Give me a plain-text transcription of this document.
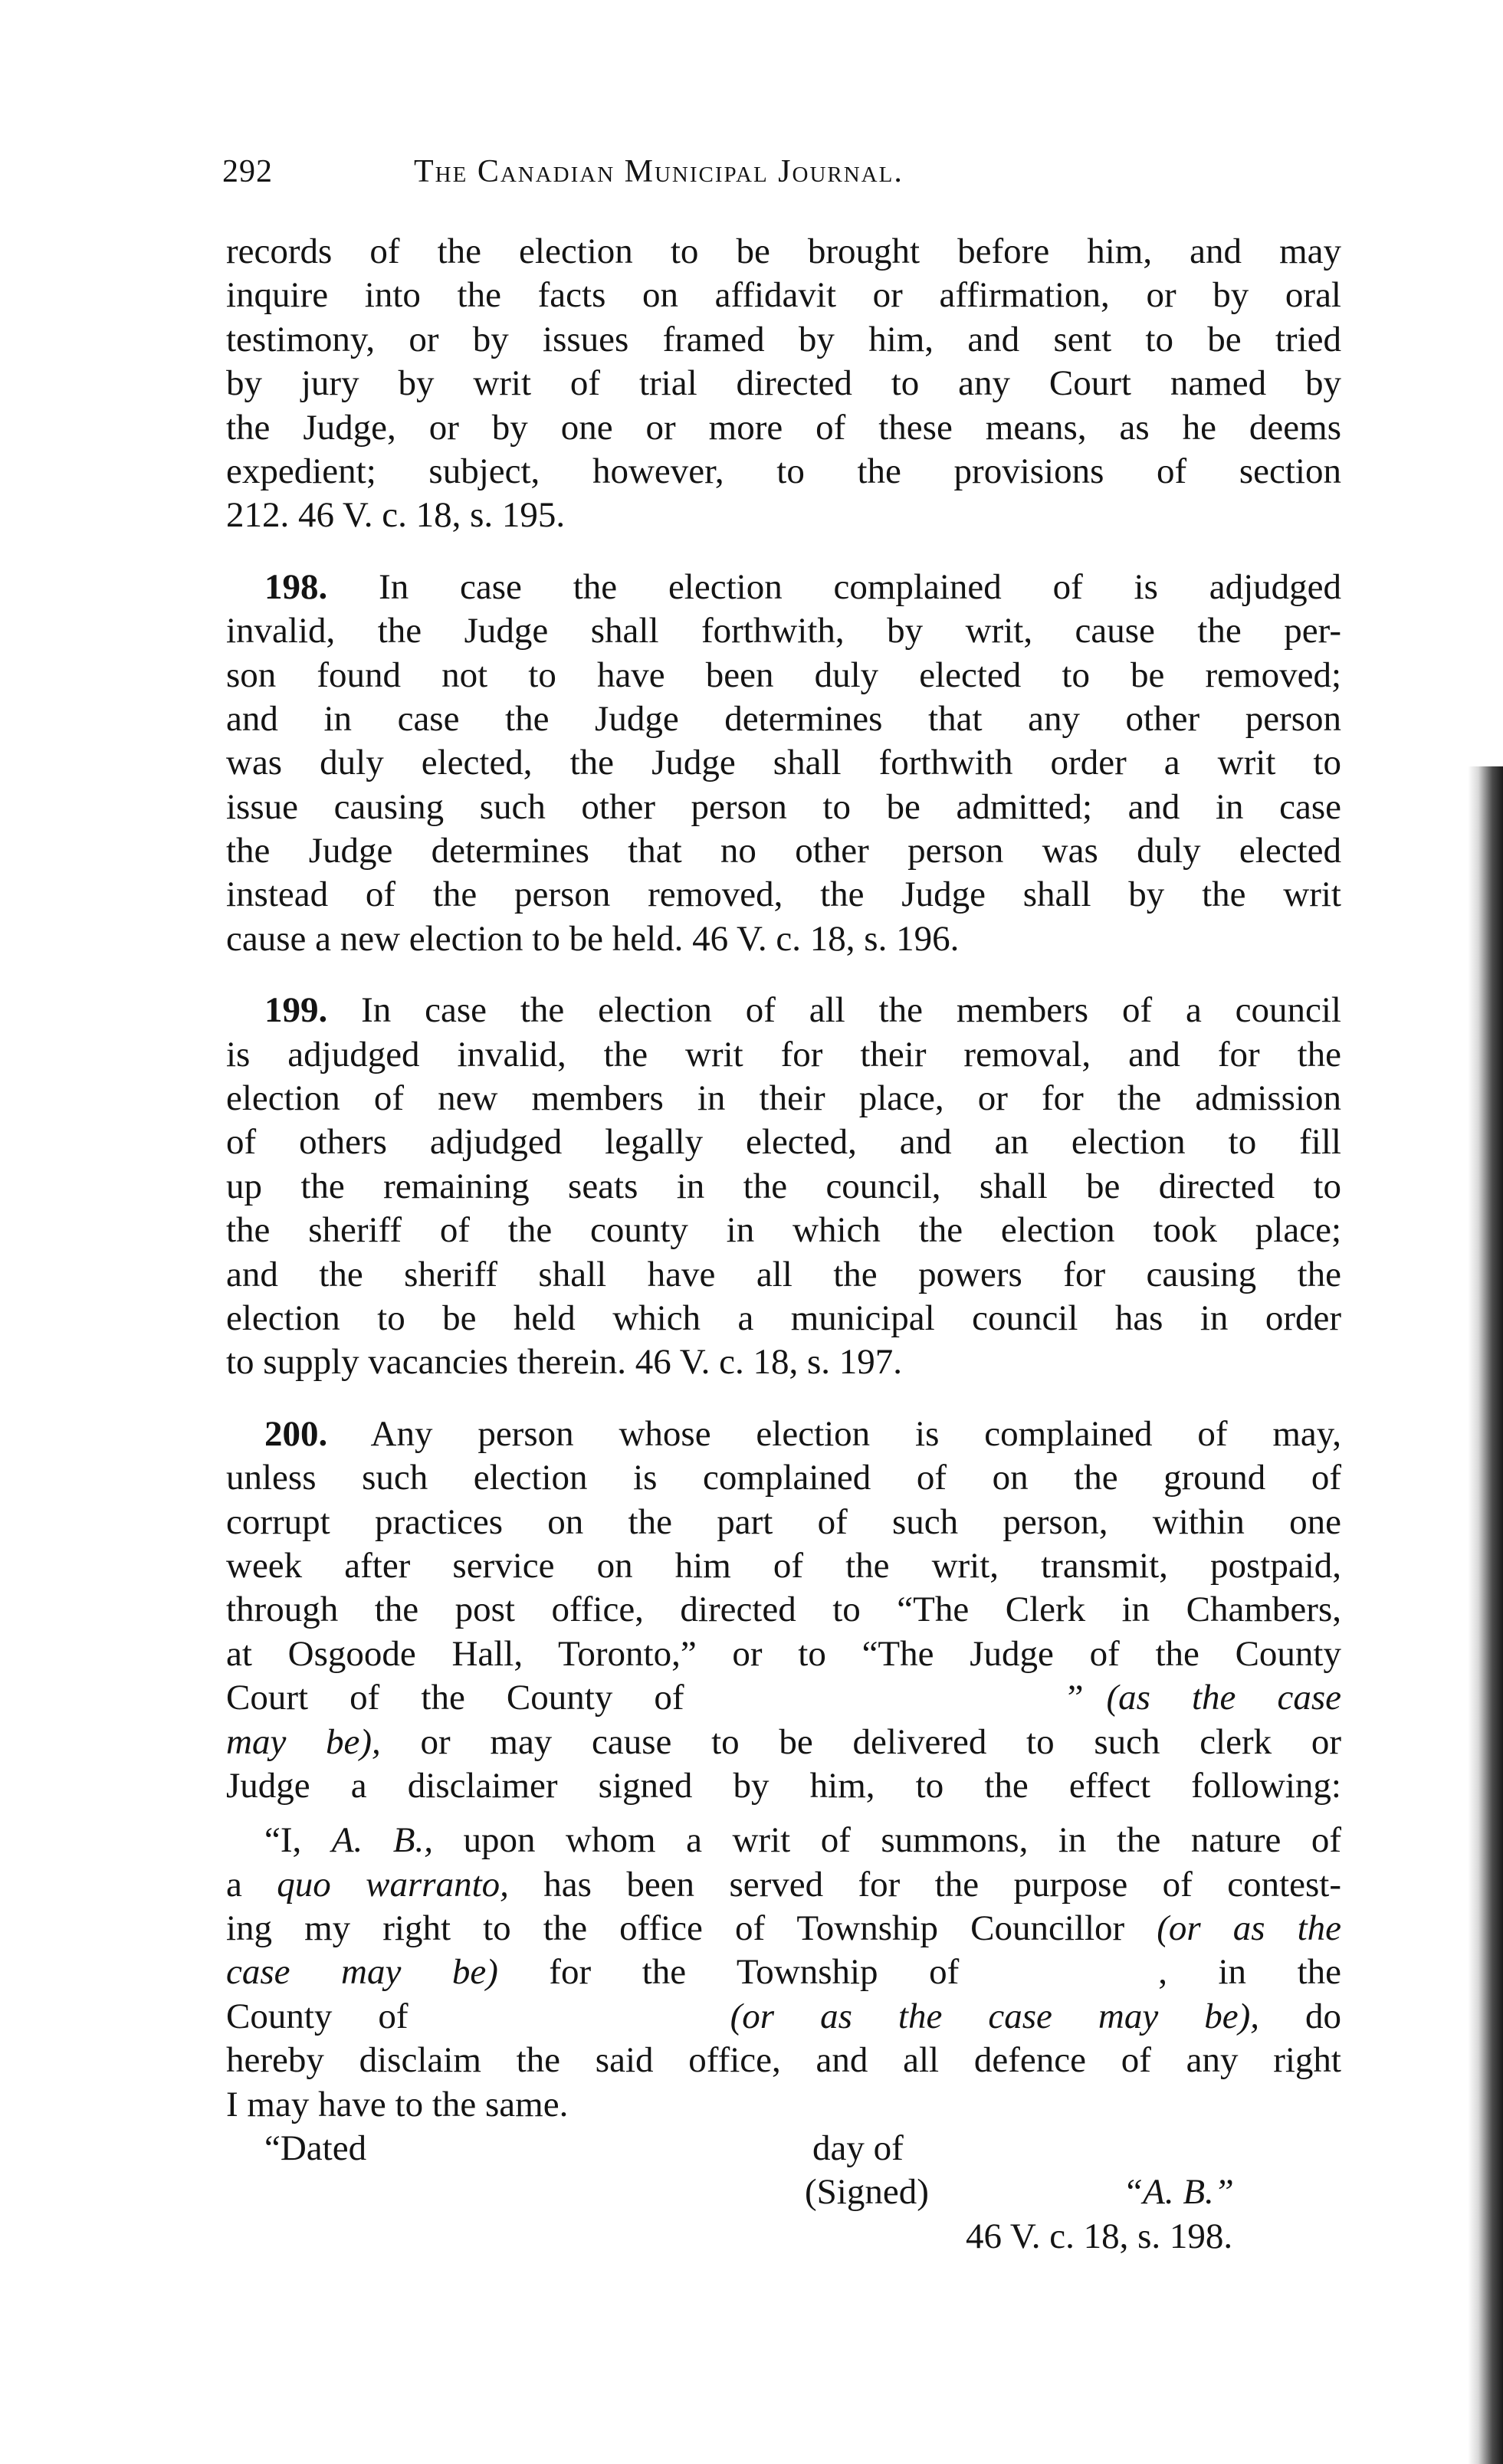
292	The Canadian Municipal Journal.
records of the election to be brought before him, and may
inquire into the facts on affidavit or affirmation, or by oral
testimony, or by issues framed by him, and sent to be tried
by jury by writ of trial directed to any Court named by
the Judge, or by one or more of these means, as he deems
expedient; subject, however, to the provisions of section
212. 46 V. c. 18, s. 195.
198. In case the election complained of is adjudged
invalid, the Judge shall forthwith, by writ, cause the per-
son found not to have been duly elected to be removed;
and in case the Judge determines that any other person
was duly elected, the Judge shall forthwith order a writ to
issue causing such other person to be admitted; and in case
the Judge determines that no other person was duly elected
instead of the person removed, the Judge shall by the writ
cause a new election to be held. 46 V. c. 18, s. 196.
199. In case the election of all the members of a council
is adjudged invalid, the writ for their removal, and for the
election of new members in their place, or for the admission
of others adjudged legally elected, and an election to fill
up the remaining seats in the council, shall be directed to
the sheriff of the county in which the election took place;
and the sheriff shall have all the powers for causing the
election to be held which a municipal council has in order
to supply vacancies therein. 46 V. c. 18, s. 197.
200. Any person whose election is complained of may,
unless such election is complained of on the ground of
corrupt practices on the part of such person, within one
week after service on him of the writ, transmit, postpaid,
through the post office, directed to “The Clerk in Chambers,
at Osgoode Hall, Toronto,” or to “The Judge of the County
Court of the County of	” (as the case
may be), or may cause to be delivered to such clerk or
Judge a disclaimer signed by him, to the effect following:
“I, A. B., upon whom a writ of summons, in the nature of
a quo warranto, has been served for the purpose of contest-
ing my right to the office of Township Councillor (or as the
case may be) for the Township of	, in the
County of	(or as the case may be), do
hereby disclaim the said office, and all defence of any right
I may have to the same.
“Dated	day of
(Signed)	“A. B.”
46 V. c. 18, s. 198.
